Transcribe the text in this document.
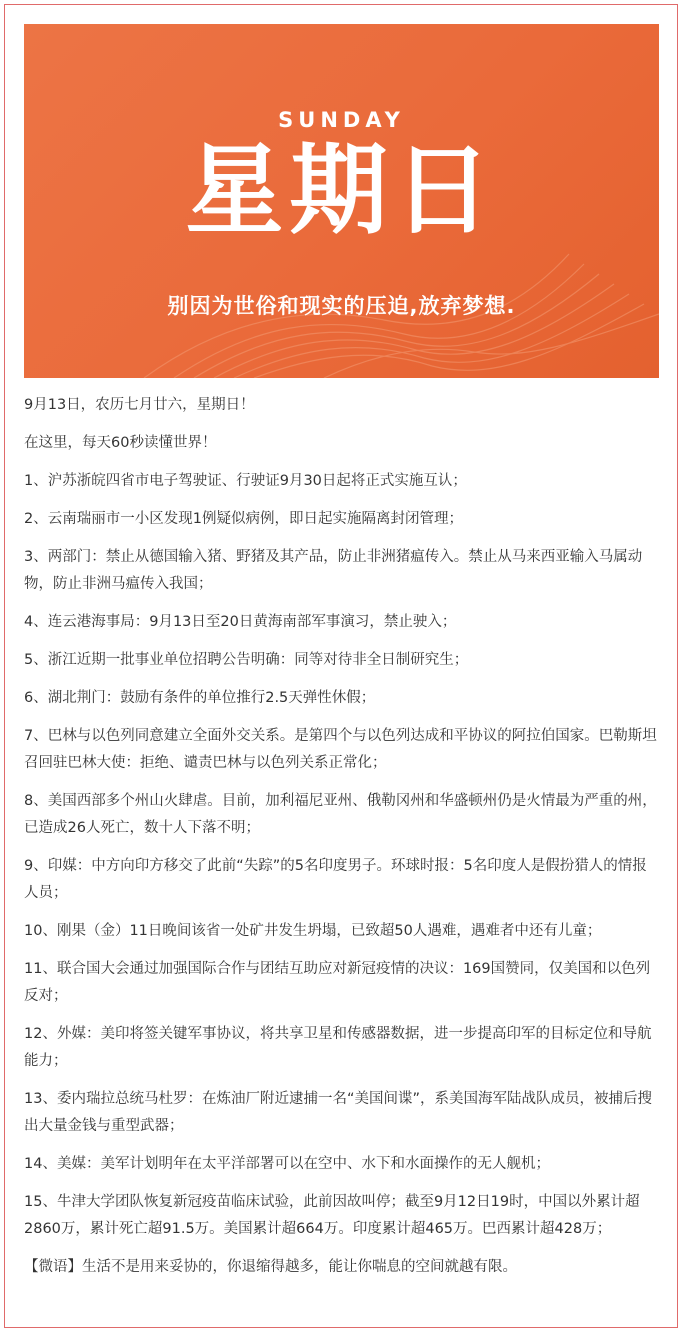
SUNDAY
星期日
别因为世俗和现实的压迫,放弃梦想.

9月13日，农历七月廿六，星期日！

在这里，每天60秒读懂世界！

1、沪苏浙皖四省市电子驾驶证、行驶证9月30日起将正式实施互认；

2、云南瑞丽市一小区发现1例疑似病例，即日起实施隔离封闭管理；

3、两部门：禁止从德国输入猪、野猪及其产品，防止非洲猪瘟传入。禁止从马来西亚输入马属动物，防止非洲马瘟传入我国；

4、连云港海事局：9月13日至20日黄海南部军事演习，禁止驶入；

5、浙江近期一批事业单位招聘公告明确：同等对待非全日制研究生；

6、湖北荆门：鼓励有条件的单位推行2.5天弹性休假；

7、巴林与以色列同意建立全面外交关系。是第四个与以色列达成和平协议的阿拉伯国家。巴勒斯坦召回驻巴林大使：拒绝、谴责巴林与以色列关系正常化；

8、美国西部多个州山火肆虐。目前，加利福尼亚州、俄勒冈州和华盛顿州仍是火情最为严重的州，已造成26人死亡，数十人下落不明；

9、印媒：中方向印方移交了此前“失踪”的5名印度男子。环球时报：5名印度人是假扮猎人的情报人员；

10、刚果（金）11日晚间该省一处矿井发生坍塌，已致超50人遇难，遇难者中还有儿童；

11、联合国大会通过加强国际合作与团结互助应对新冠疫情的决议：169国赞同，仅美国和以色列反对；

12、外媒：美印将签关键军事协议，将共享卫星和传感器数据，进一步提高印军的目标定位和导航能力；

13、委内瑞拉总统马杜罗：在炼油厂附近逮捕一名“美国间谍”，系美国海军陆战队成员，被捕后搜出大量金钱与重型武器；

14、美媒：美军计划明年在太平洋部署可以在空中、水下和水面操作的无人舰机；

15、牛津大学团队恢复新冠疫苗临床试验，此前因故叫停；截至9月12日19时，中国以外累计超2860万，累计死亡超91.5万。美国累计超664万。印度累计超465万。巴西累计超428万；

【微语】生活不是用来妥协的，你退缩得越多，能让你喘息的空间就越有限。
